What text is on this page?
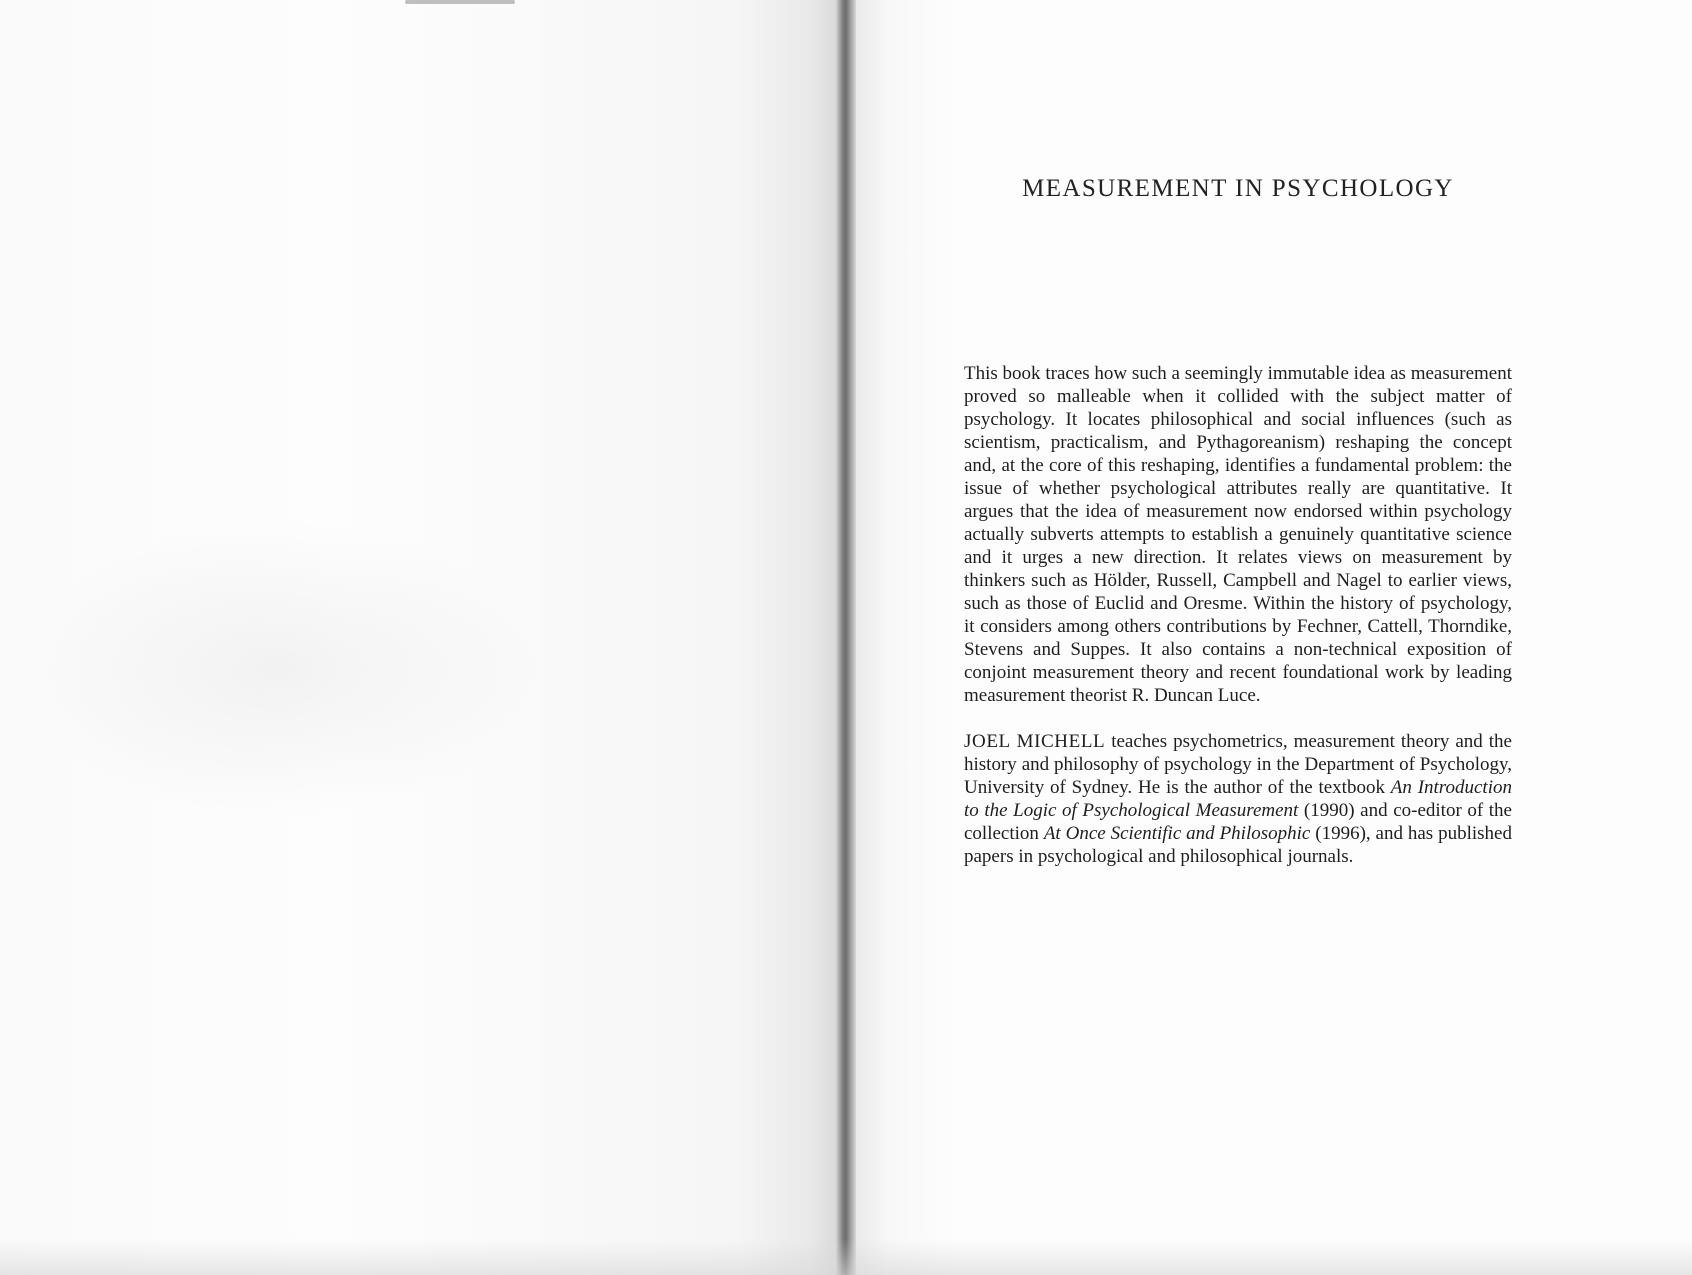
MEASUREMENT IN PSYCHOLOGY

This book traces how such a seemingly immutable idea as measurement proved so malleable when it collided with the subject matter of psychology. It locates philosophical and social influences (such as scientism, practicalism, and Pythagoreanism) reshaping the concept and, at the core of this reshaping, identifies a fundamental problem: the issue of whether psychological attributes really are quantitative. It argues that the idea of measurement now endorsed within psychology actually subverts attempts to establish a genuinely quantitative science and it urges a new direction. It relates views on measurement by thinkers such as Hölder, Russell, Campbell and Nagel to earlier views, such as those of Euclid and Oresme. Within the history of psychology, it considers among others contributions by Fechner, Cattell, Thorndike, Stevens and Suppes. It also contains a non-technical exposition of conjoint measurement theory and recent foundational work by leading measurement theorist R. Duncan Luce.

JOEL MICHELL teaches psychometrics, measurement theory and the history and philosophy of psychology in the Department of Psychology, University of Sydney. He is the author of the textbook An Introduction to the Logic of Psychological Measurement (1990) and co-editor of the collection At Once Scientific and Philosophic (1996), and has published papers in psychological and philosophical journals.
